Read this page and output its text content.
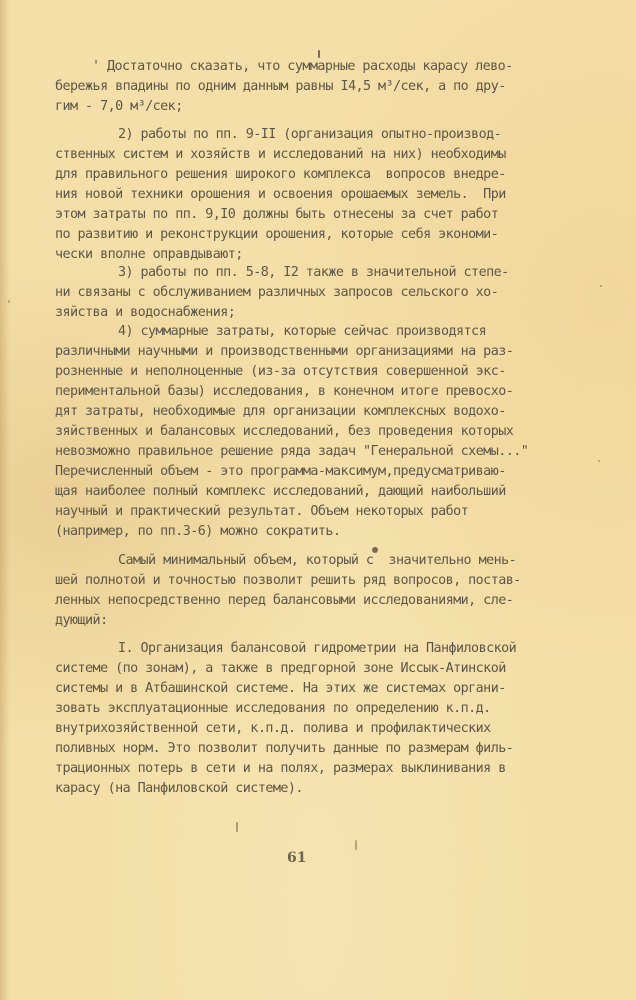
' Достаточно сказать, что суммарные расходы карасу лево-
бережья впадины по одним данным равны I4,5 м³/сек, а по дру-
гим - 7,0 м³/сек;
2) работы по пп. 9-II (организация опытно-производ-
ственных систем и хозяйств и исследований на них) необходимы
для правильного решения широкого комплекса  вопросов внедре-
ния новой техники орошения и освоения орошаемых земель.  При
этом затраты по пп. 9,I0 должны быть отнесены за счет работ
по развитию и реконструкции орошения, которые себя экономи-
чески вполне оправдывают;
3) работы по пп. 5-8, I2 также в значительной степе-
ни связаны с обслуживанием различных запросов сельского хо-
зяйства и водоснабжения;
4) суммарные затраты, которые сейчас производятся
различными научными и производственными организациями на раз-
розненные и неполноценные (из-за отсутствия совершенной экс-
периментальной базы) исследования, в конечном итоге превосхо-
дят затраты, необходимые для организации комплексных водохо-
зяйственных и балансовых исследований, без проведения которых
невозможно правильное решение ряда задач "Генеральной схемы..."
Перечисленный объем - это программа-максимум,предусматриваю-
щая наиболее полный комплекс исследований, дающий наибольший
научный и практический результат. Объем некоторых работ
(например, по пп.3-6) можно сократить.
Самый минимальный объем, который с  значительно мень-
шей полнотой и точностью позволит решить ряд вопросов, постав-
ленных непосредственно перед балансовыми исследованиями, сле-
дующий:
I. Организация балансовой гидрометрии на Панфиловской
системе (по зонам), а также в предгорной зоне Иссык-Атинской
системы и в Атбашинской системе. На этих же системах органи-
зовать эксплуатационные исследования по определению к.п.д.
внутрихозяйственной сети, к.п.д. полива и профилактических
поливных норм. Это позволит получить данные по размерам филь-
трационных потерь в сети и на полях, размерах выклинивания в
карасу (на Панфиловской системе).
61
